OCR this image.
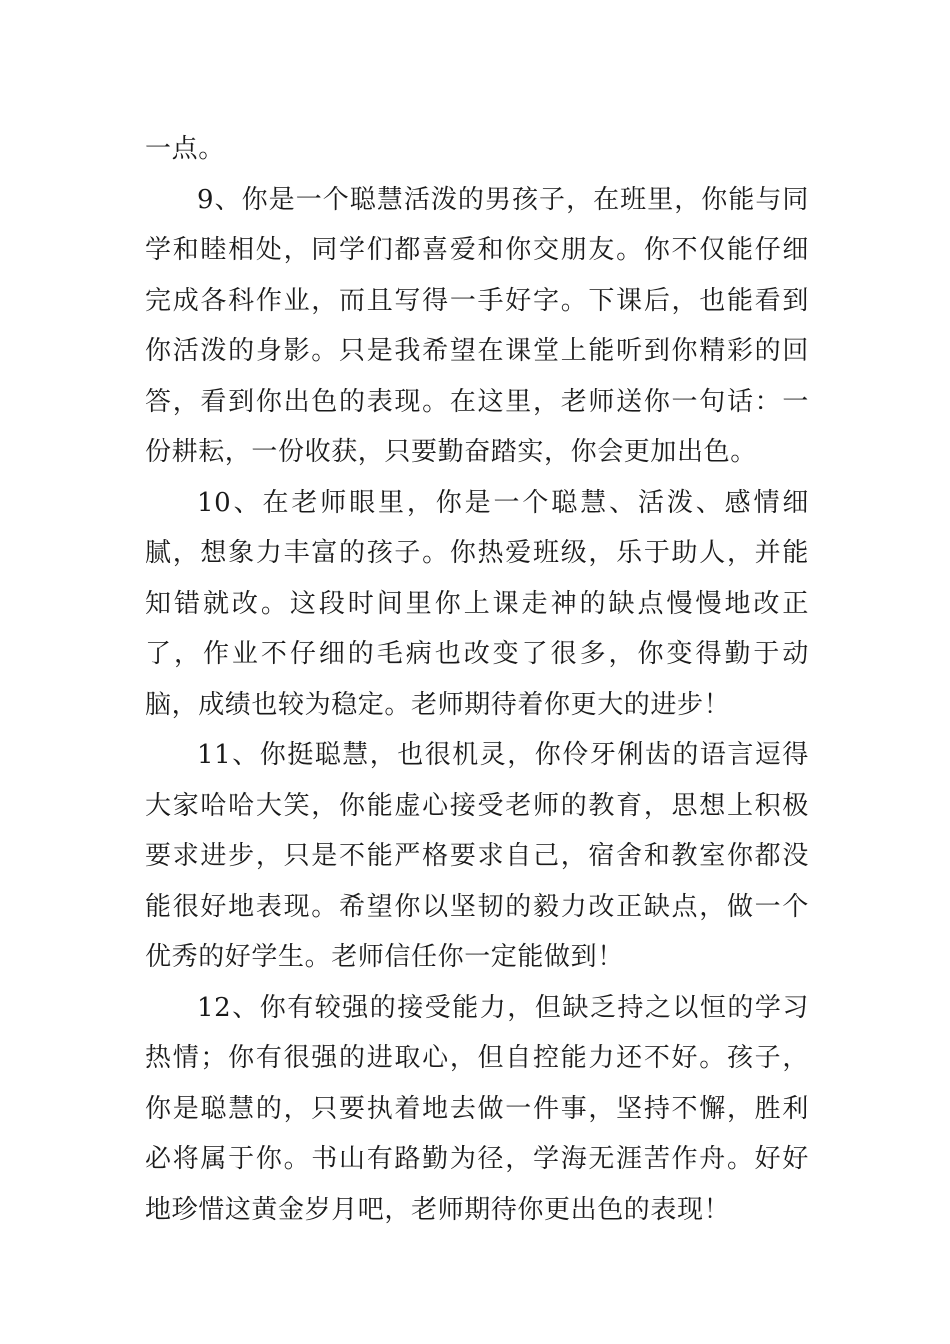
一点。

9、你是一个聪慧活泼的男孩子，在班里，你能与同学和睦相处，同学们都喜爱和你交朋友。你不仅能仔细完成各科作业，而且写得一手好字。下课后，也能看到你活泼的身影。只是我希望在课堂上能听到你精彩的回答，看到你出色的表现。在这里，老师送你一句话：一份耕耘，一份收获，只要勤奋踏实，你会更加出色。

10、在老师眼里，你是一个聪慧、活泼、感情细腻，想象力丰富的孩子。你热爱班级，乐于助人，并能知错就改。这段时间里你上课走神的缺点慢慢地改正了，作业不仔细的毛病也改变了很多，你变得勤于动脑，成绩也较为稳定。老师期待着你更大的进步！

11、你挺聪慧，也很机灵，你伶牙俐齿的语言逗得大家哈哈大笑，你能虚心接受老师的教育，思想上积极要求进步，只是不能严格要求自己，宿舍和教室你都没能很好地表现。希望你以坚韧的毅力改正缺点，做一个优秀的好学生。老师信任你一定能做到！

12、你有较强的接受能力，但缺乏持之以恒的学习热情；你有很强的进取心，但自控能力还不好。孩子，你是聪慧的，只要执着地去做一件事，坚持不懈，胜利必将属于你。书山有路勤为径，学海无涯苦作舟。好好地珍惜这黄金岁月吧，老师期待你更出色的表现！
